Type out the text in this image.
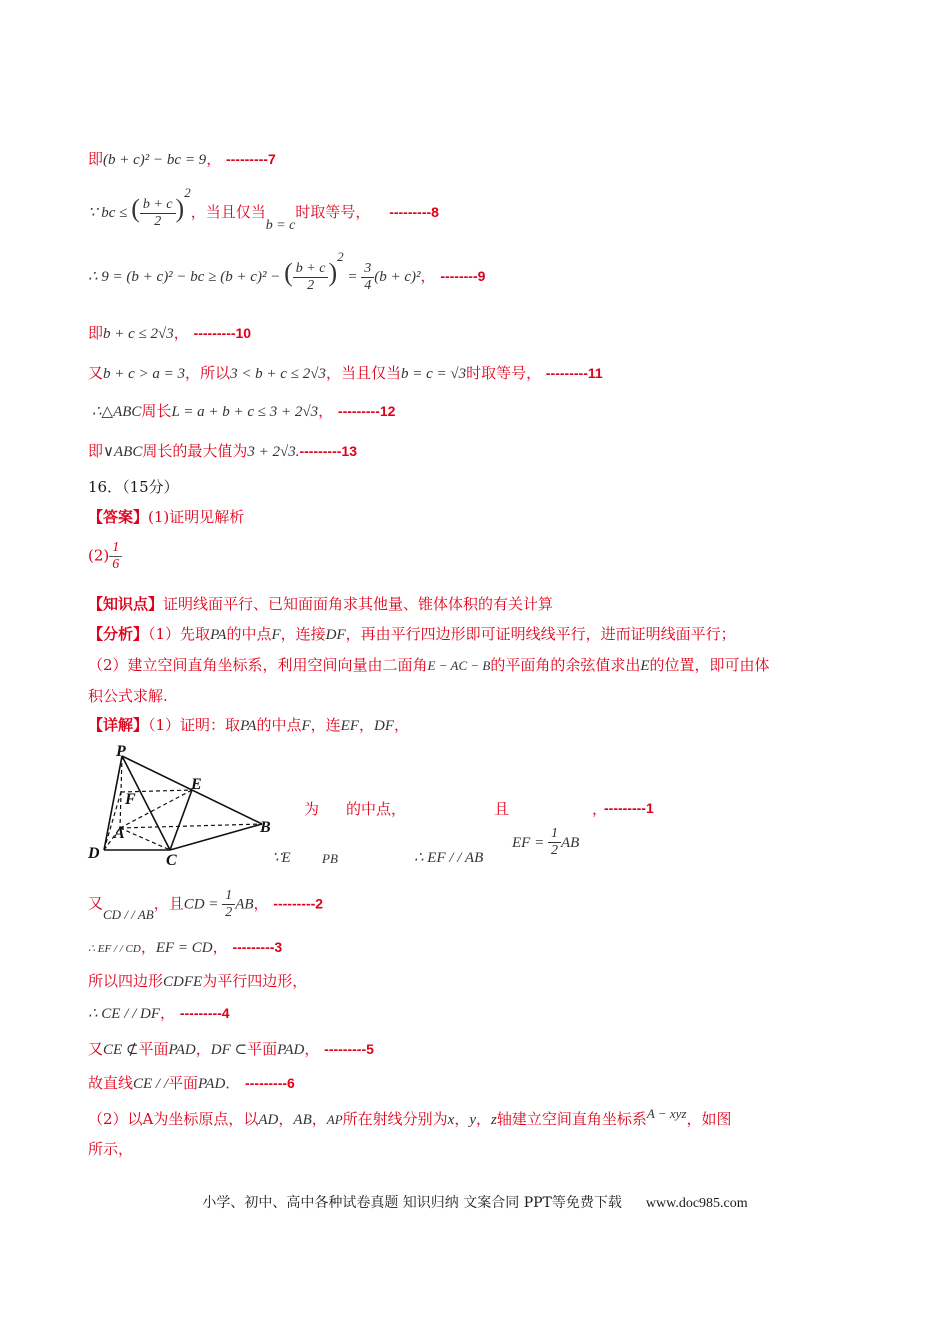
即(b + c)² − bc = 9， ---------7
∵ bc ≤ ( $\frac{b + c}{2} )^2$，当且仅当b = c时取等号， ---------8
∴ 9 = (b + c)² − bc ≥ (b + c)² − ( $\frac{b + c}{2} )^2 = \frac{3}{4} (b + c)^2$， --------9
即b + c ≤ 2√3， ---------10
又b + c > a = 3，所以3 < b + c ≤ 2√3，当且仅当b = c = √3时取等号， ---------11
∴△ABC周长L = a + b + c ≤ 3 + 2√3， ---------12
即∨ABC周长的最大值为3 + 2√3.---------13
16．（15分）
【答案】(1)证明见解析
$(2) \frac{1}{6}$
【知识点】证明线面平行、已知面面角求其他量、锥体体积的有关计算
【分析】（1）先取PA的中点F，连接DF，再由平行四边形即可证明线线平行，进而证明线面平行；
（2）建立空间直角坐标系，利用空间向量由二面角E − AC − B的平面角的余弦值求出E的位置，即可由体
积公式求解.
【详解】（1）证明：取PA的中点F，连EF，DF，
P
E
F
A	B
D	C
为 的中点，	且	，
---------1
∵E PB	∴ EF / / AB
EF = $\frac{1}{2}$ AB
又CD / / AB，且CD = $\frac{1}{2}$ AB， ---------2
∴ EF / / CD，EF = CD， ---------3
所以四边形CDFE为平行四边形，
∴ CE / / DF， ---------4
又CE ⊄平面PAD，DF ⊂平面PAD， ---------5
故直线CE / /平面PAD． ---------6
（2）以Α为坐标原点，以AD，AB，AP所在射线分别为x，y，z轴建立空间直角坐标系A − xyz，如图
所示，
小学、初中、高中各种试卷真题 知识归纳 文案合同 PPT等免费下载 www.doc985.com
